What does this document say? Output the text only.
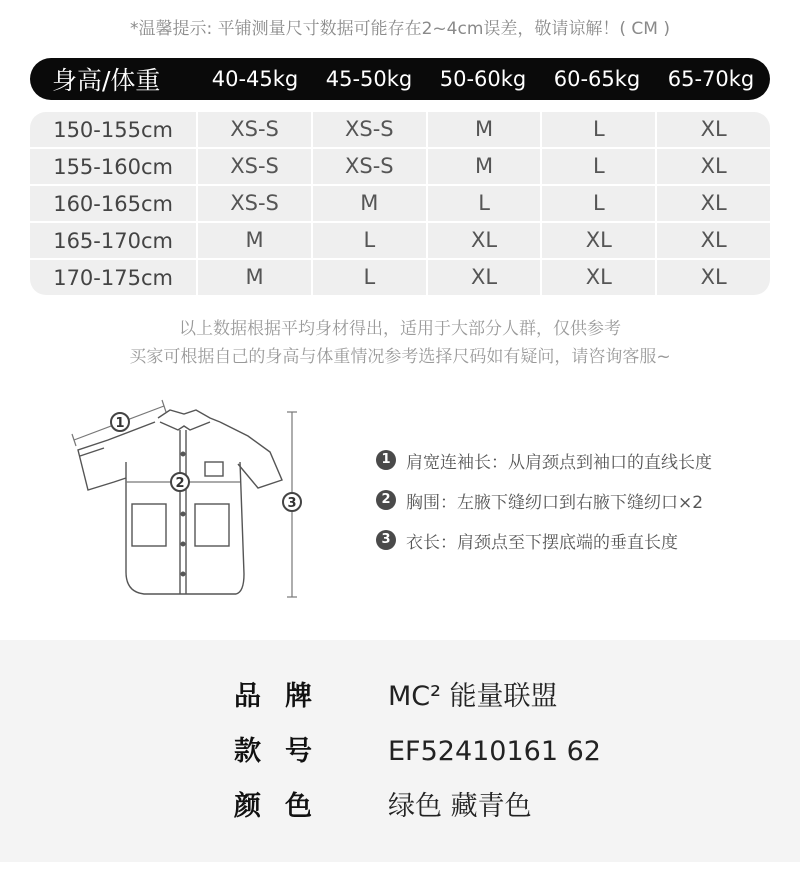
*温馨提示: 平铺测量尺寸数据可能存在2~4cm误差，敬请谅解！( CM )
身高/体重	40-45kg	45-50kg	50-60kg	60-65kg	65-70kg
150-155cm	XS-S	XS-S	M	L	XL
155-160cm	XS-S	XS-S	M	L	XL
160-165cm	XS-S	M	L	L	XL
165-170cm	M	L	XL	XL	XL
170-175cm	M	L	XL	XL	XL
以上数据根据平均身材得出，适用于大部分人群，仅供参考
买家可根据自己的身高与体重情况参考选择尺码如有疑问，请咨询客服~
1
2
3
1 肩宽连袖长：从肩颈点到袖口的直线长度
2 胸围：左腋下缝纫口到右腋下缝纫口×2
3 衣长：肩颈点至下摆底端的垂直长度
品牌 MC² 能量联盟
款号 EF52410161 62
颜色 绿色 藏青色
